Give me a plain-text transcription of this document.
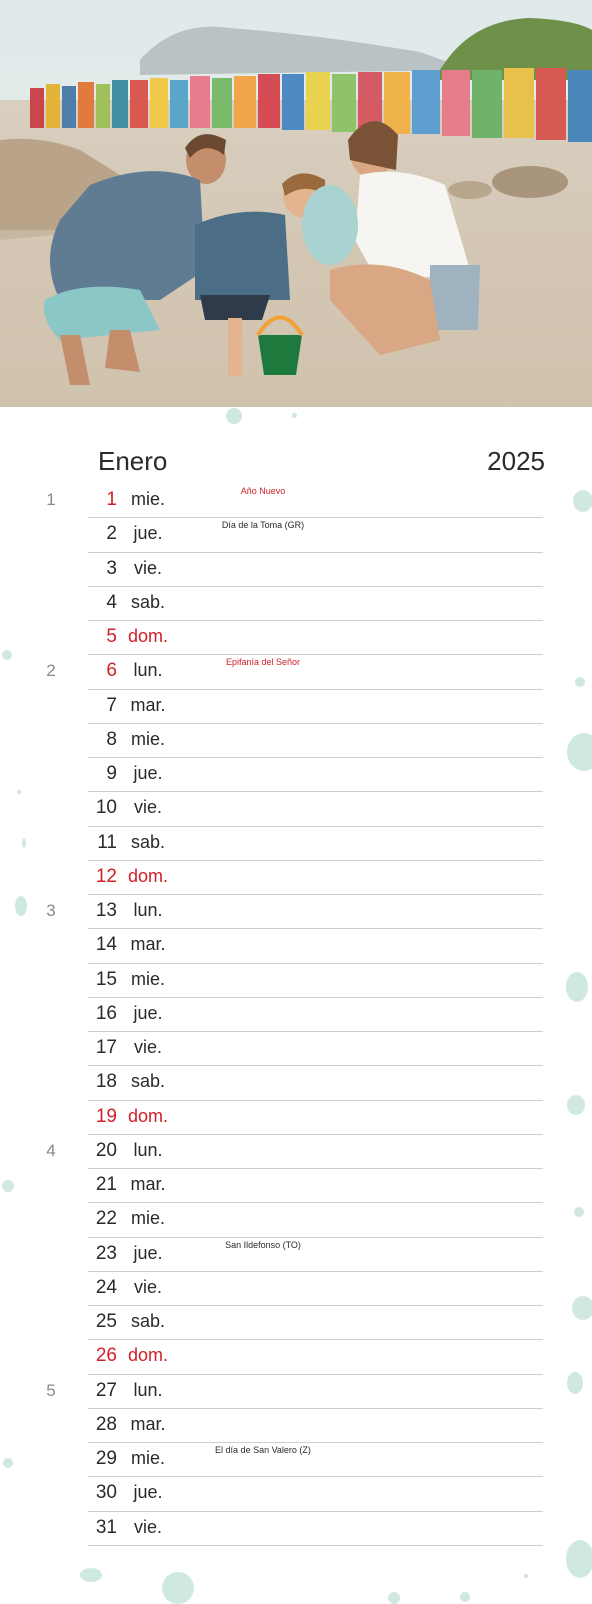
Enero	2025
1	1 mie.	Año Nuevo
2 jue.	Día de la Toma (GR)
3 vie.
4 sab.
5 dom.
2	6 lun.	Epifanía del Señor
7 mar.
8 mie.
9 jue.
10 vie.
11 sab.
12 dom.
3	13 lun.
14 mar.
15 mie.
16 jue.
17 vie.
18 sab.
19 dom.
4	20 lun.
21 mar.
22 mie.
23 jue.	San Ildefonso (TO)
24 vie.
25 sab.
26 dom.
5	27 lun.
28 mar.
29 mie.	El día de San Valero (Z)
30 jue.
31 vie.
